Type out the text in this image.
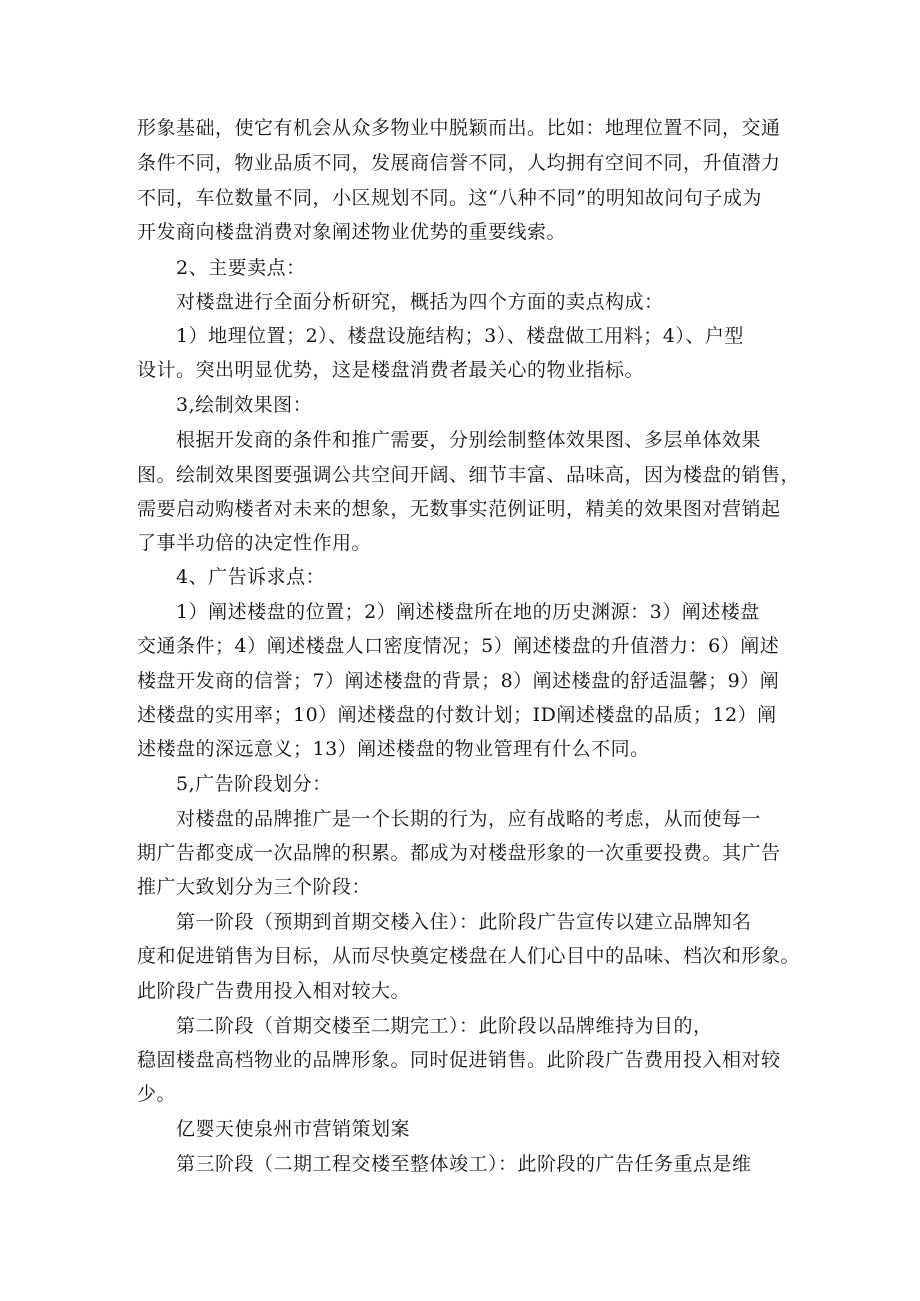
形象基础，使它有机会从众多物业中脱颖而出。比如：地理位置不同，交通
条件不同，物业品质不同，发展商信誉不同，人均拥有空间不同，升值潜力
不同，车位数量不同，小区规划不同。这“八种不同”的明知故问句子成为
开发商向楼盘消费对象阐述物业优势的重要线索。
2、主要卖点：
对楼盘进行全面分析研究，概括为四个方面的卖点构成：
1）地理位置；2）、楼盘设施结构；3）、楼盘做工用料；4）、户型
设计。突出明显优势，这是楼盘消费者最关心的物业指标。
3,绘制效果图：
根据开发商的条件和推广需要，分别绘制整体效果图、多层单体效果
图。绘制效果图要强调公共空间开阔、细节丰富、品味高，因为楼盘的销售，
需要启动购楼者对未来的想象，无数事实范例证明，精美的效果图对营销起
了事半功倍的决定性作用。
4、广告诉求点：
1）阐述楼盘的位置；2）阐述楼盘所在地的历史渊源：3）阐述楼盘
交通条件；4）阐述楼盘人口密度情况；5）阐述楼盘的升值潜力：6）阐述
楼盘开发商的信誉；7）阐述楼盘的背景；8）阐述楼盘的舒适温馨；9）阐
述楼盘的实用率；10）阐述楼盘的付数计划；ID阐述楼盘的品质；12）阐
述楼盘的深远意义；13）阐述楼盘的物业管理有什么不同。
5,广告阶段划分：
对楼盘的品牌推广是一个长期的行为，应有战略的考虑，从而使每一
期广告都变成一次品牌的积累。都成为对楼盘形象的一次重要投费。其广告
推广大致划分为三个阶段：
第一阶段（预期到首期交楼入住）：此阶段广告宣传以建立品牌知名
度和促进销售为目标，从而尽快奠定楼盘在人们心目中的品味、档次和形象。
此阶段广告费用投入相对较大。
第二阶段（首期交楼至二期完工）：此阶段以品牌维持为目的，
稳固楼盘高档物业的品牌形象。同时促进销售。此阶段广告费用投入相对较
少。
亿婴天使泉州市营销策划案
第三阶段（二期工程交楼至整体竣工）：此阶段的广告任务重点是维
